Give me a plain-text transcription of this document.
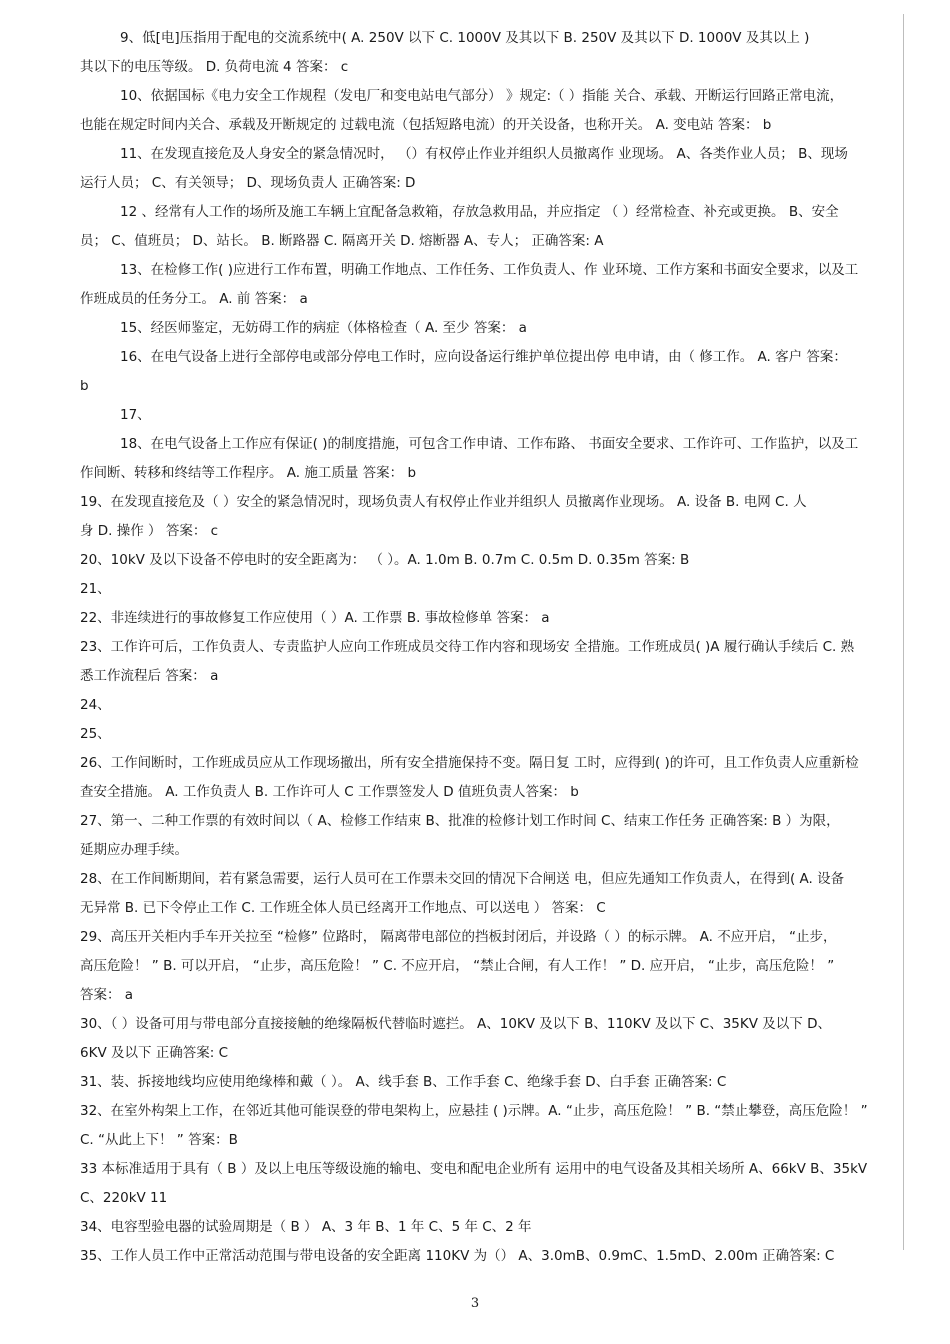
9、低[电]压指用于配电的交流系统中( A. 250V 以下 C. 1000V 及其以下 B. 250V 及其以下 D. 1000V 及其以上 )
其以下的电压等级。 D. 负荷电流 4 答案： c
10、依据国标《电力安全工作规程（发电厂和变电站电气部分） 》规定:（ ）指能 关合、承载、开断运行回路正常电流，
也能在规定时间内关合、承载及开断规定的 过载电流（包括短路电流）的开关设备，也称开关。 A. 变电站 答案： b
11、在发现直接危及人身安全的紧急情况时， （）有权停止作业并组织人员撤离作 业现场。 A、各类作业人员； B、现场
运行人员； C、有关领导； D、现场负责人 正确答案: D
12 、经常有人工作的场所及施工车辆上宜配备急救箱，存放急救用品，并应指定 （ ）经常检查、补充或更换。 B、安全
员； C、值班员； D、站长。 B. 断路器 C. 隔离开关 D. 熔断器 A、专人； 正确答案: A
13、在检修工作( )应进行工作布置，明确工作地点、工作任务、工作负责人、作 业环境、工作方案和书面安全要求，以及工
作班成员的任务分工。 A. 前 答案： a
15、经医师鉴定，无妨碍工作的病症（体格检查（ A. 至少 答案： a
16、在电气设备上进行全部停电或部分停电工作时，应向设备运行维护单位提出停 电申请，由（ 修工作。 A. 客户 答案：
b
17、
18、在电气设备上工作应有保证( )的制度措施，可包含工作申请、工作布路、 书面安全要求、工作许可、工作监护，以及工
作间断、转移和终结等工作程序。 A. 施工质量 答案： b
19、在发现直接危及（ ）安全的紧急情况时，现场负责人有权停止作业并组织人 员撤离作业现场。 A. 设备 B. 电网 C. 人
身 D. 操作 ） 答案： c
20、10kV 及以下设备不停电时的安全距离为： （ ）。A. 1.0m B. 0.7m C. 0.5m D. 0.35m 答案: B
21、
22、非连续进行的事故修复工作应使用（ ）A. 工作票 B. 事故检修单 答案： a
23、工作许可后，工作负责人、专责监护人应向工作班成员交待工作内容和现场安 全措施。工作班成员( )A 履行确认手续后 C. 熟
悉工作流程后 答案： a
24、
25、
26、工作间断时，工作班成员应从工作现场撤出，所有安全措施保持不变。隔日复 工时，应得到( )的许可，且工作负责人应重新检
查安全措施。 A. 工作负责人 B. 工作许可人 C 工作票签发人 D 值班负责人答案： b
27、第一、二种工作票的有效时间以（ A、检修工作结束 B、批准的检修计划工作时间 C、结束工作任务 正确答案: B ）为限，
延期应办理手续。
28、在工作间断期间，若有紧急需要，运行人员可在工作票未交回的情况下合闸送 电，但应先通知工作负责人，在得到( A. 设备
无异常 B. 已下令停止工作 C. 工作班全体人员已经离开工作地点、可以送电 ） 答案： C
29、高压开关柜内手车开关拉至 “检修” 位路时， 隔离带电部位的挡板封闭后，并设路（ ）的标示牌。 A. 不应开启， “止步，
高压危险！ ” B. 可以开启， “止步，高压危险！ ” C. 不应开启， “禁止合闸，有人工作！ ” D. 应开启， “止步，高压危险！ ”
答案： a
30、（ ）设备可用与带电部分直接接触的绝缘隔板代替临时遮拦。 A、10KV 及以下 B、110KV 及以下 C、35KV 及以下 D、
6KV 及以下 正确答案: C
31、装、拆接地线均应使用绝缘棒和戴（ ）。 A、线手套 B、工作手套 C、绝缘手套 D、白手套 正确答案: C
32、在室外构架上工作，在邻近其他可能误登的带电架构上，应悬挂 ( )示牌。A. “止步，高压危险！ ” B. “禁止攀登，高压危险！ ”
C. “从此上下！ ” 答案：B
33 本标准适用于具有（ B ）及以上电压等级设施的输电、变电和配电企业所有 运用中的电气设备及其相关场所 A、66kV B、35kV
C、220kV 11
34、电容型验电器的试验周期是（ B ） A、3 年 B、1 年 C、5 年 C、2 年
35、工作人员工作中正常活动范围与带电设备的安全距离 110KV 为（） A、3.0mB、0.9mC、1.5mD、2.00m 正确答案: C
3
